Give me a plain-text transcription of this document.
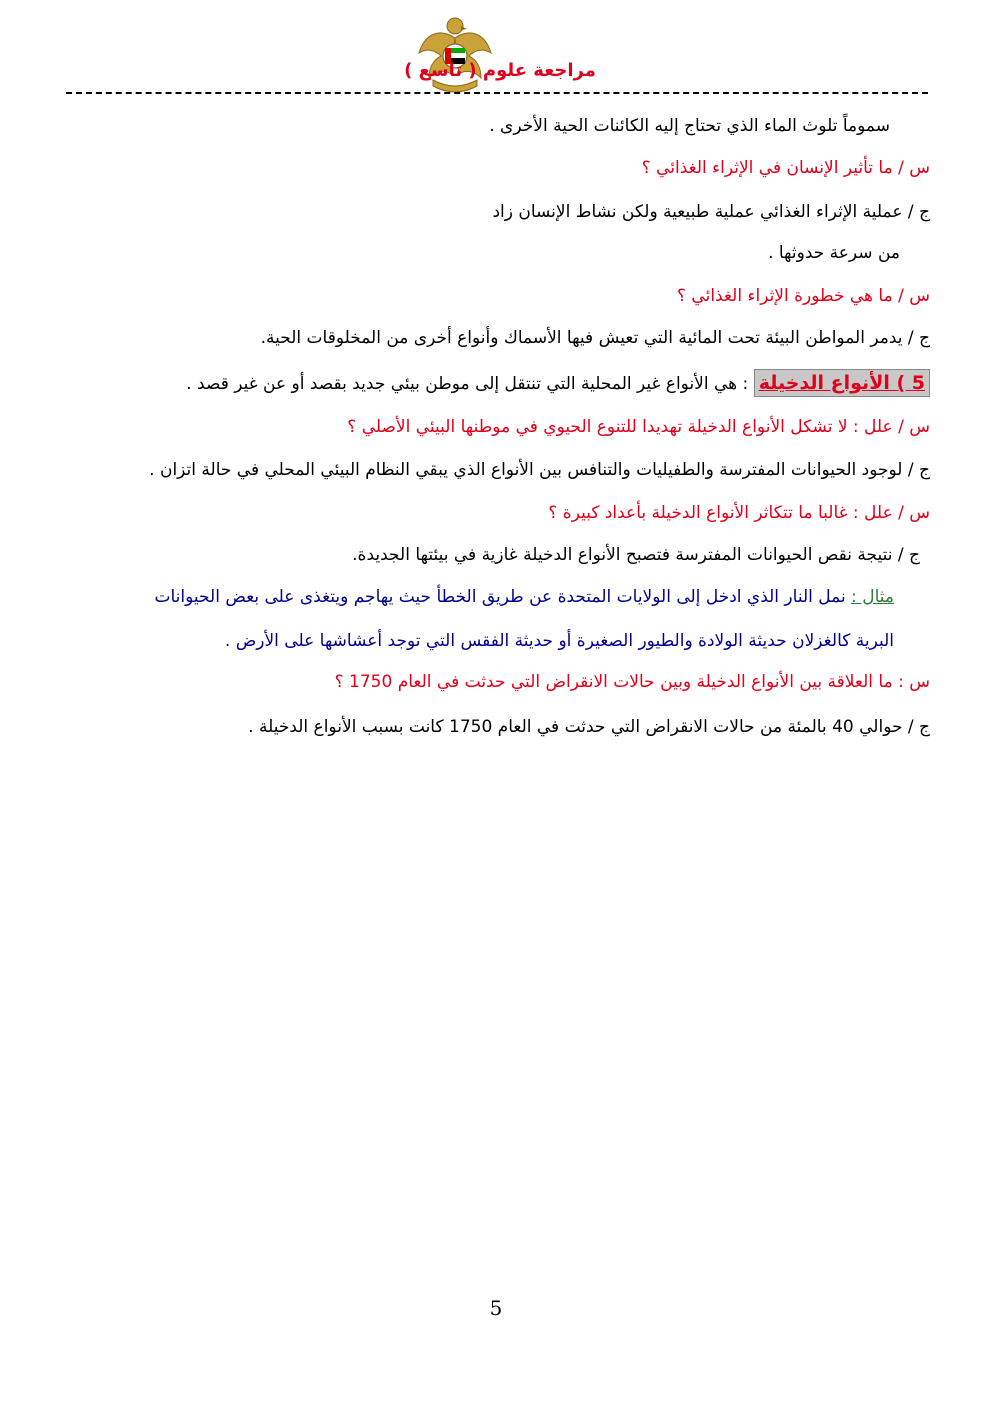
مراجعة علوم ( تاسع )
سموماً تلوث الماء الذي تحتاج إليه الكائنات الحية الأخرى .
س / ما تأثير الإنسان في الإثراء الغذائي ؟
ج / عملية الإثراء الغذائي عملية طبيعية ولكن نشاط الإنسان زاد
من سرعة حدوثها .
س / ما هي خطورة الإثراء الغذائي ؟
ج / يدمر المواطن البيئة تحت المائية التي تعيش فيها الأسماك وأنواع أخرى من المخلوقات الحية.
5 ) الأنواع الدخيلة : هي الأنواع غير المحلية التي تنتقل إلى موطن بيئي جديد بقصد أو عن غير قصد .
س / علل : لا تشكل الأنواع الدخيلة تهديدا للتنوع الحيوي في موطنها البيئي الأصلي ؟
ج / لوجود الحيوانات المفترسة والطفيليات والتنافس بين الأنواع الذي يبقي النظام البيئي المحلي في حالة اتزان .
س / علل : غالبا ما تتكاثر الأنواع الدخيلة بأعداد كبيرة ؟
ج / نتيجة نقص الحيوانات المفترسة فتصبح الأنواع الدخيلة غازية في بيئتها الجديدة.
مثال : نمل النار الذي ادخل إلى الولايات المتحدة عن طريق الخطأ حيث يهاجم ويتغذى على بعض الحيوانات
البرية كالغزلان حديثة الولادة والطيور الصغيرة أو حديثة الفقس التي توجد أعشاشها على الأرض .
س : ما العلاقة بين الأنواع الدخيلة وبين حالات الانقراض التي حدثت في العام 1750 ؟
ج / حوالي 40 بالمئة من حالات الانقراض التي حدثت في العام 1750 كانت بسبب الأنواع الدخيلة .
5
